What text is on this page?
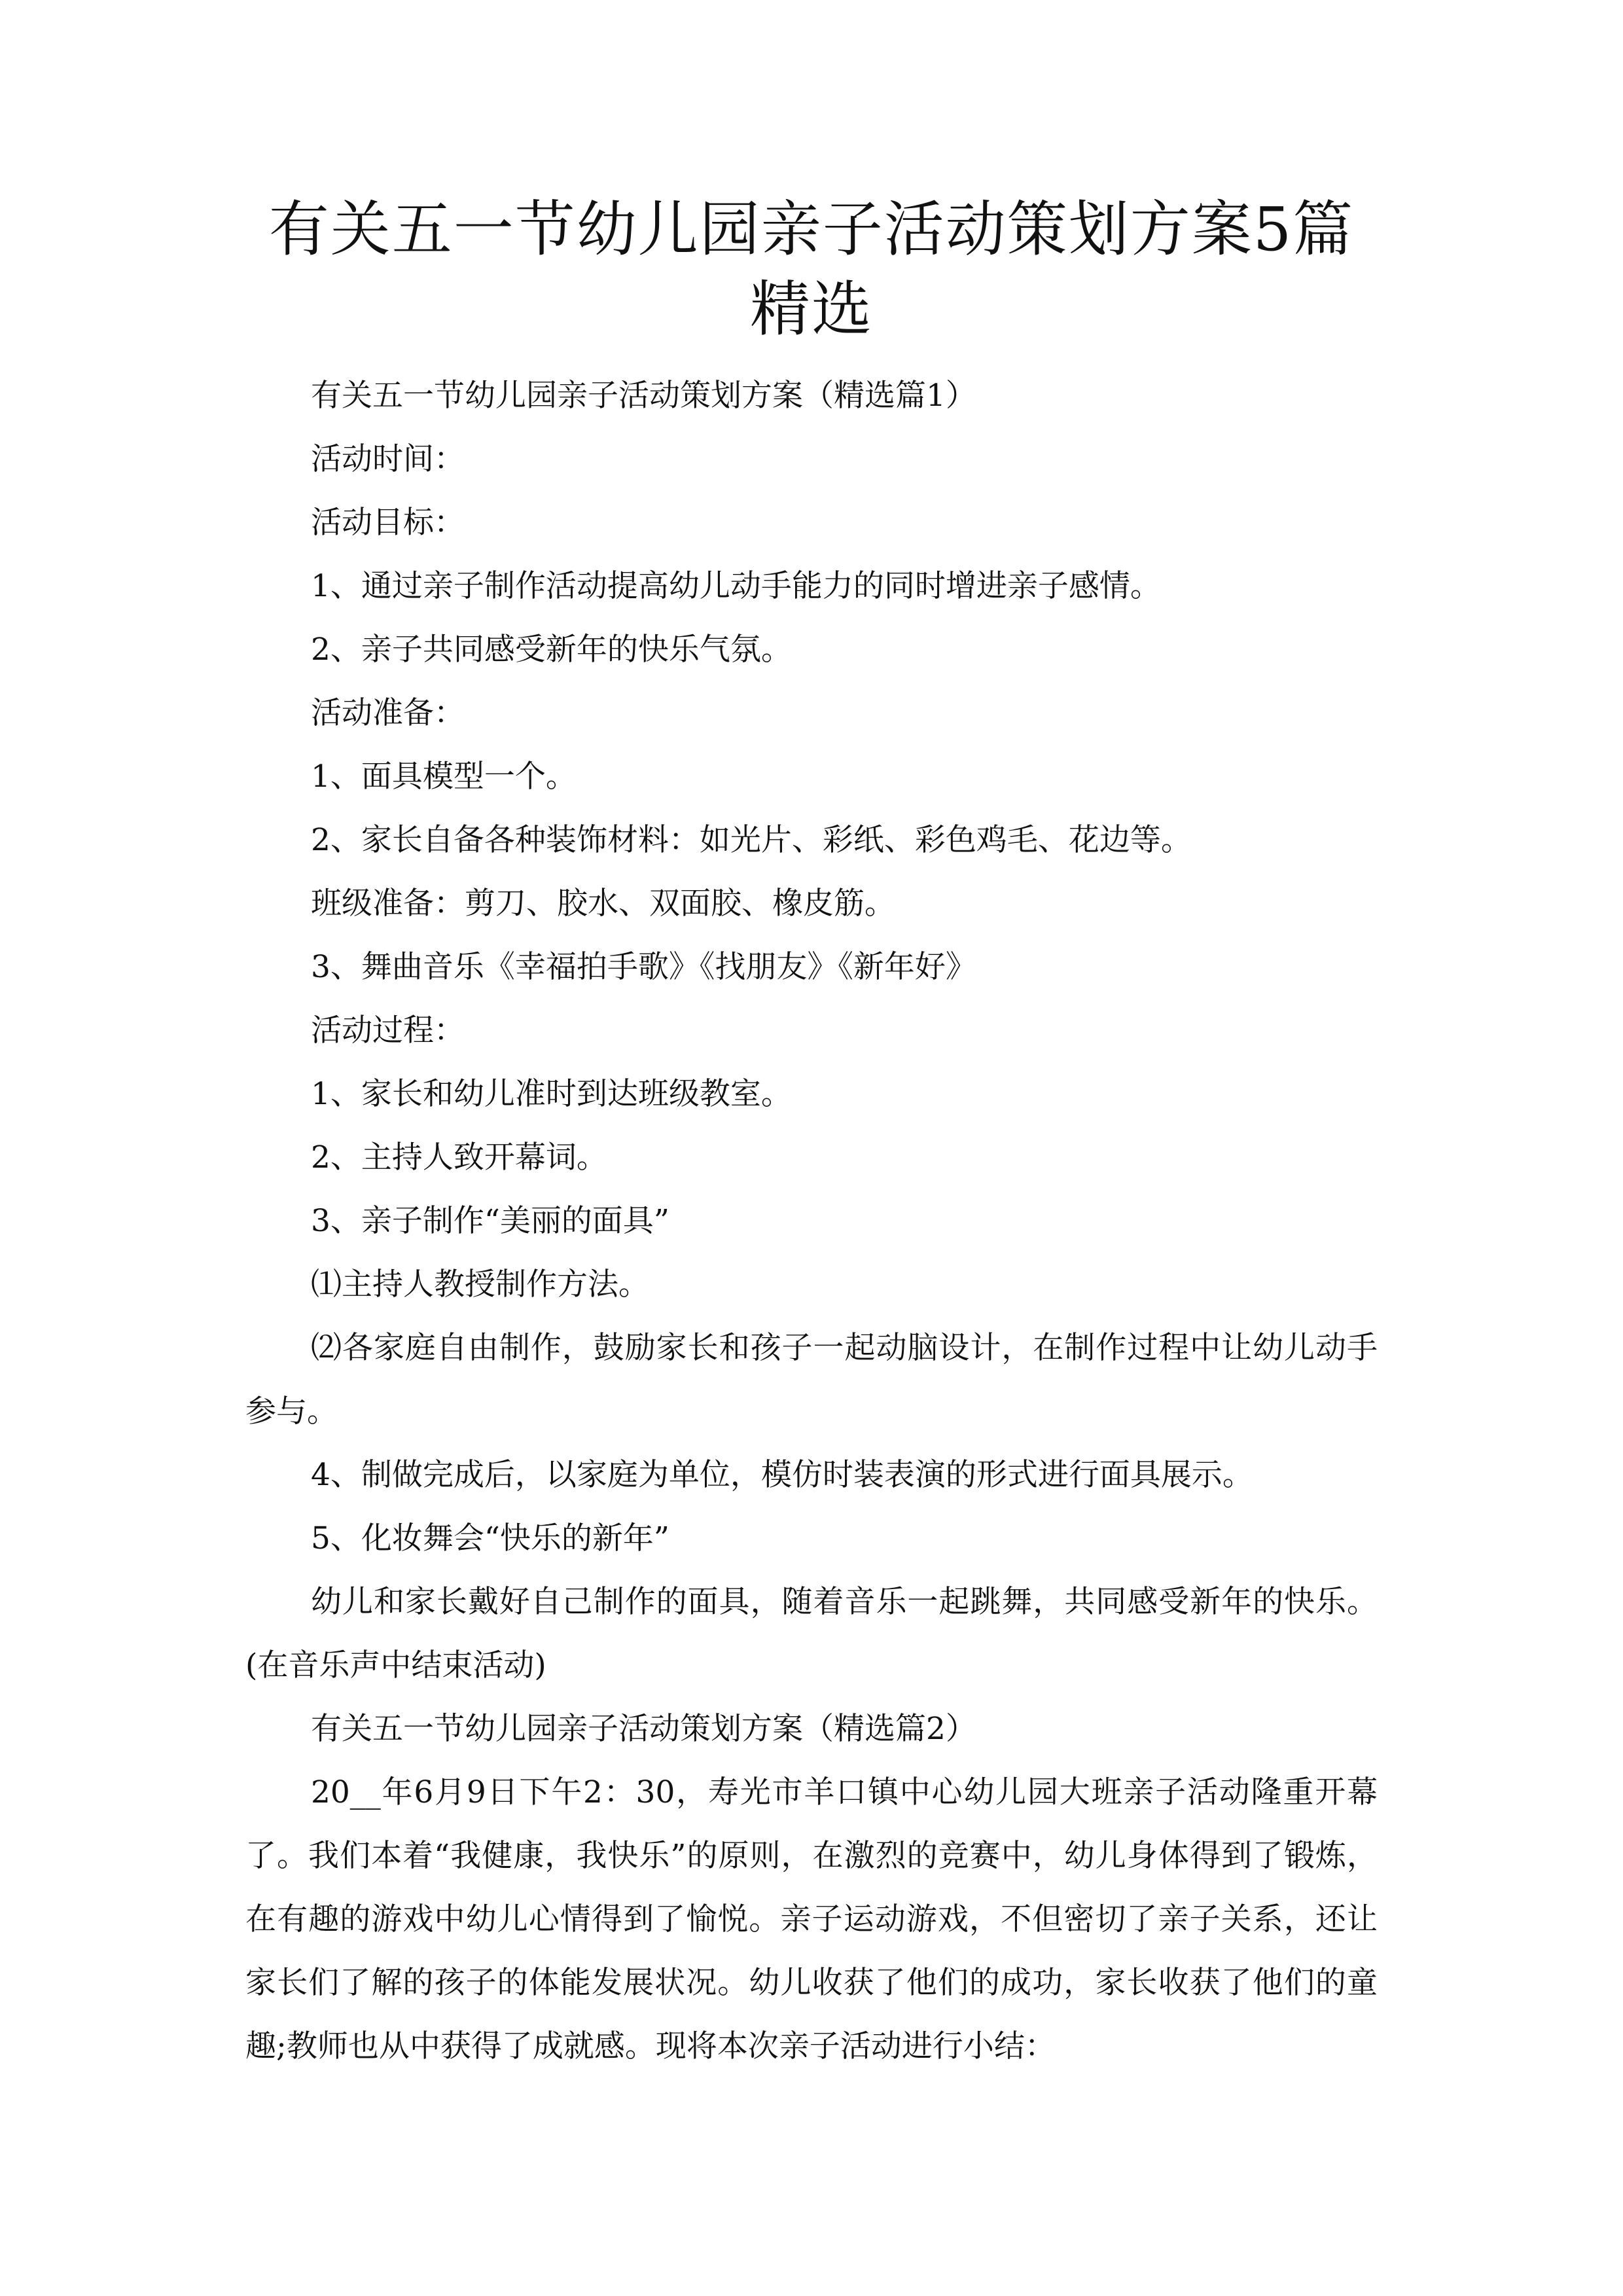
有关五一节幼儿园亲子活动策划方案5篇精选

有关五一节幼儿园亲子活动策划方案（精选篇1）

活动时间：

活动目标：

1、通过亲子制作活动提高幼儿动手能力的同时增进亲子感情。

2、亲子共同感受新年的快乐气氛。

活动准备：

1、面具模型一个。

2、家长自备各种装饰材料：如光片、彩纸、彩色鸡毛、花边等。

班级准备：剪刀、胶水、双面胶、橡皮筋。

3、舞曲音乐《幸福拍手歌》《找朋友》《新年好》

活动过程：

1、家长和幼儿准时到达班级教室。

2、主持人致开幕词。

3、亲子制作“美丽的面具”

⑴主持人教授制作方法。

⑵各家庭自由制作，鼓励家长和孩子一起动脑设计，在制作过程中让幼儿动手参与。

4、制做完成后，以家庭为单位，模仿时装表演的形式进行面具展示。

5、化妆舞会“快乐的新年”

幼儿和家长戴好自己制作的面具，随着音乐一起跳舞，共同感受新年的快乐。(在音乐声中结束活动)

有关五一节幼儿园亲子活动策划方案（精选篇2）

20__年6月9日下午2：30，寿光市羊口镇中心幼儿园大班亲子活动隆重开幕了。我们本着“我健康，我快乐”的原则，在激烈的竞赛中，幼儿身体得到了锻炼，在有趣的游戏中幼儿心情得到了愉悦。亲子运动游戏，不但密切了亲子关系，还让家长们了解的孩子的体能发展状况。幼儿收获了他们的成功，家长收获了他们的童趣;教师也从中获得了成就感。现将本次亲子活动进行小结：
